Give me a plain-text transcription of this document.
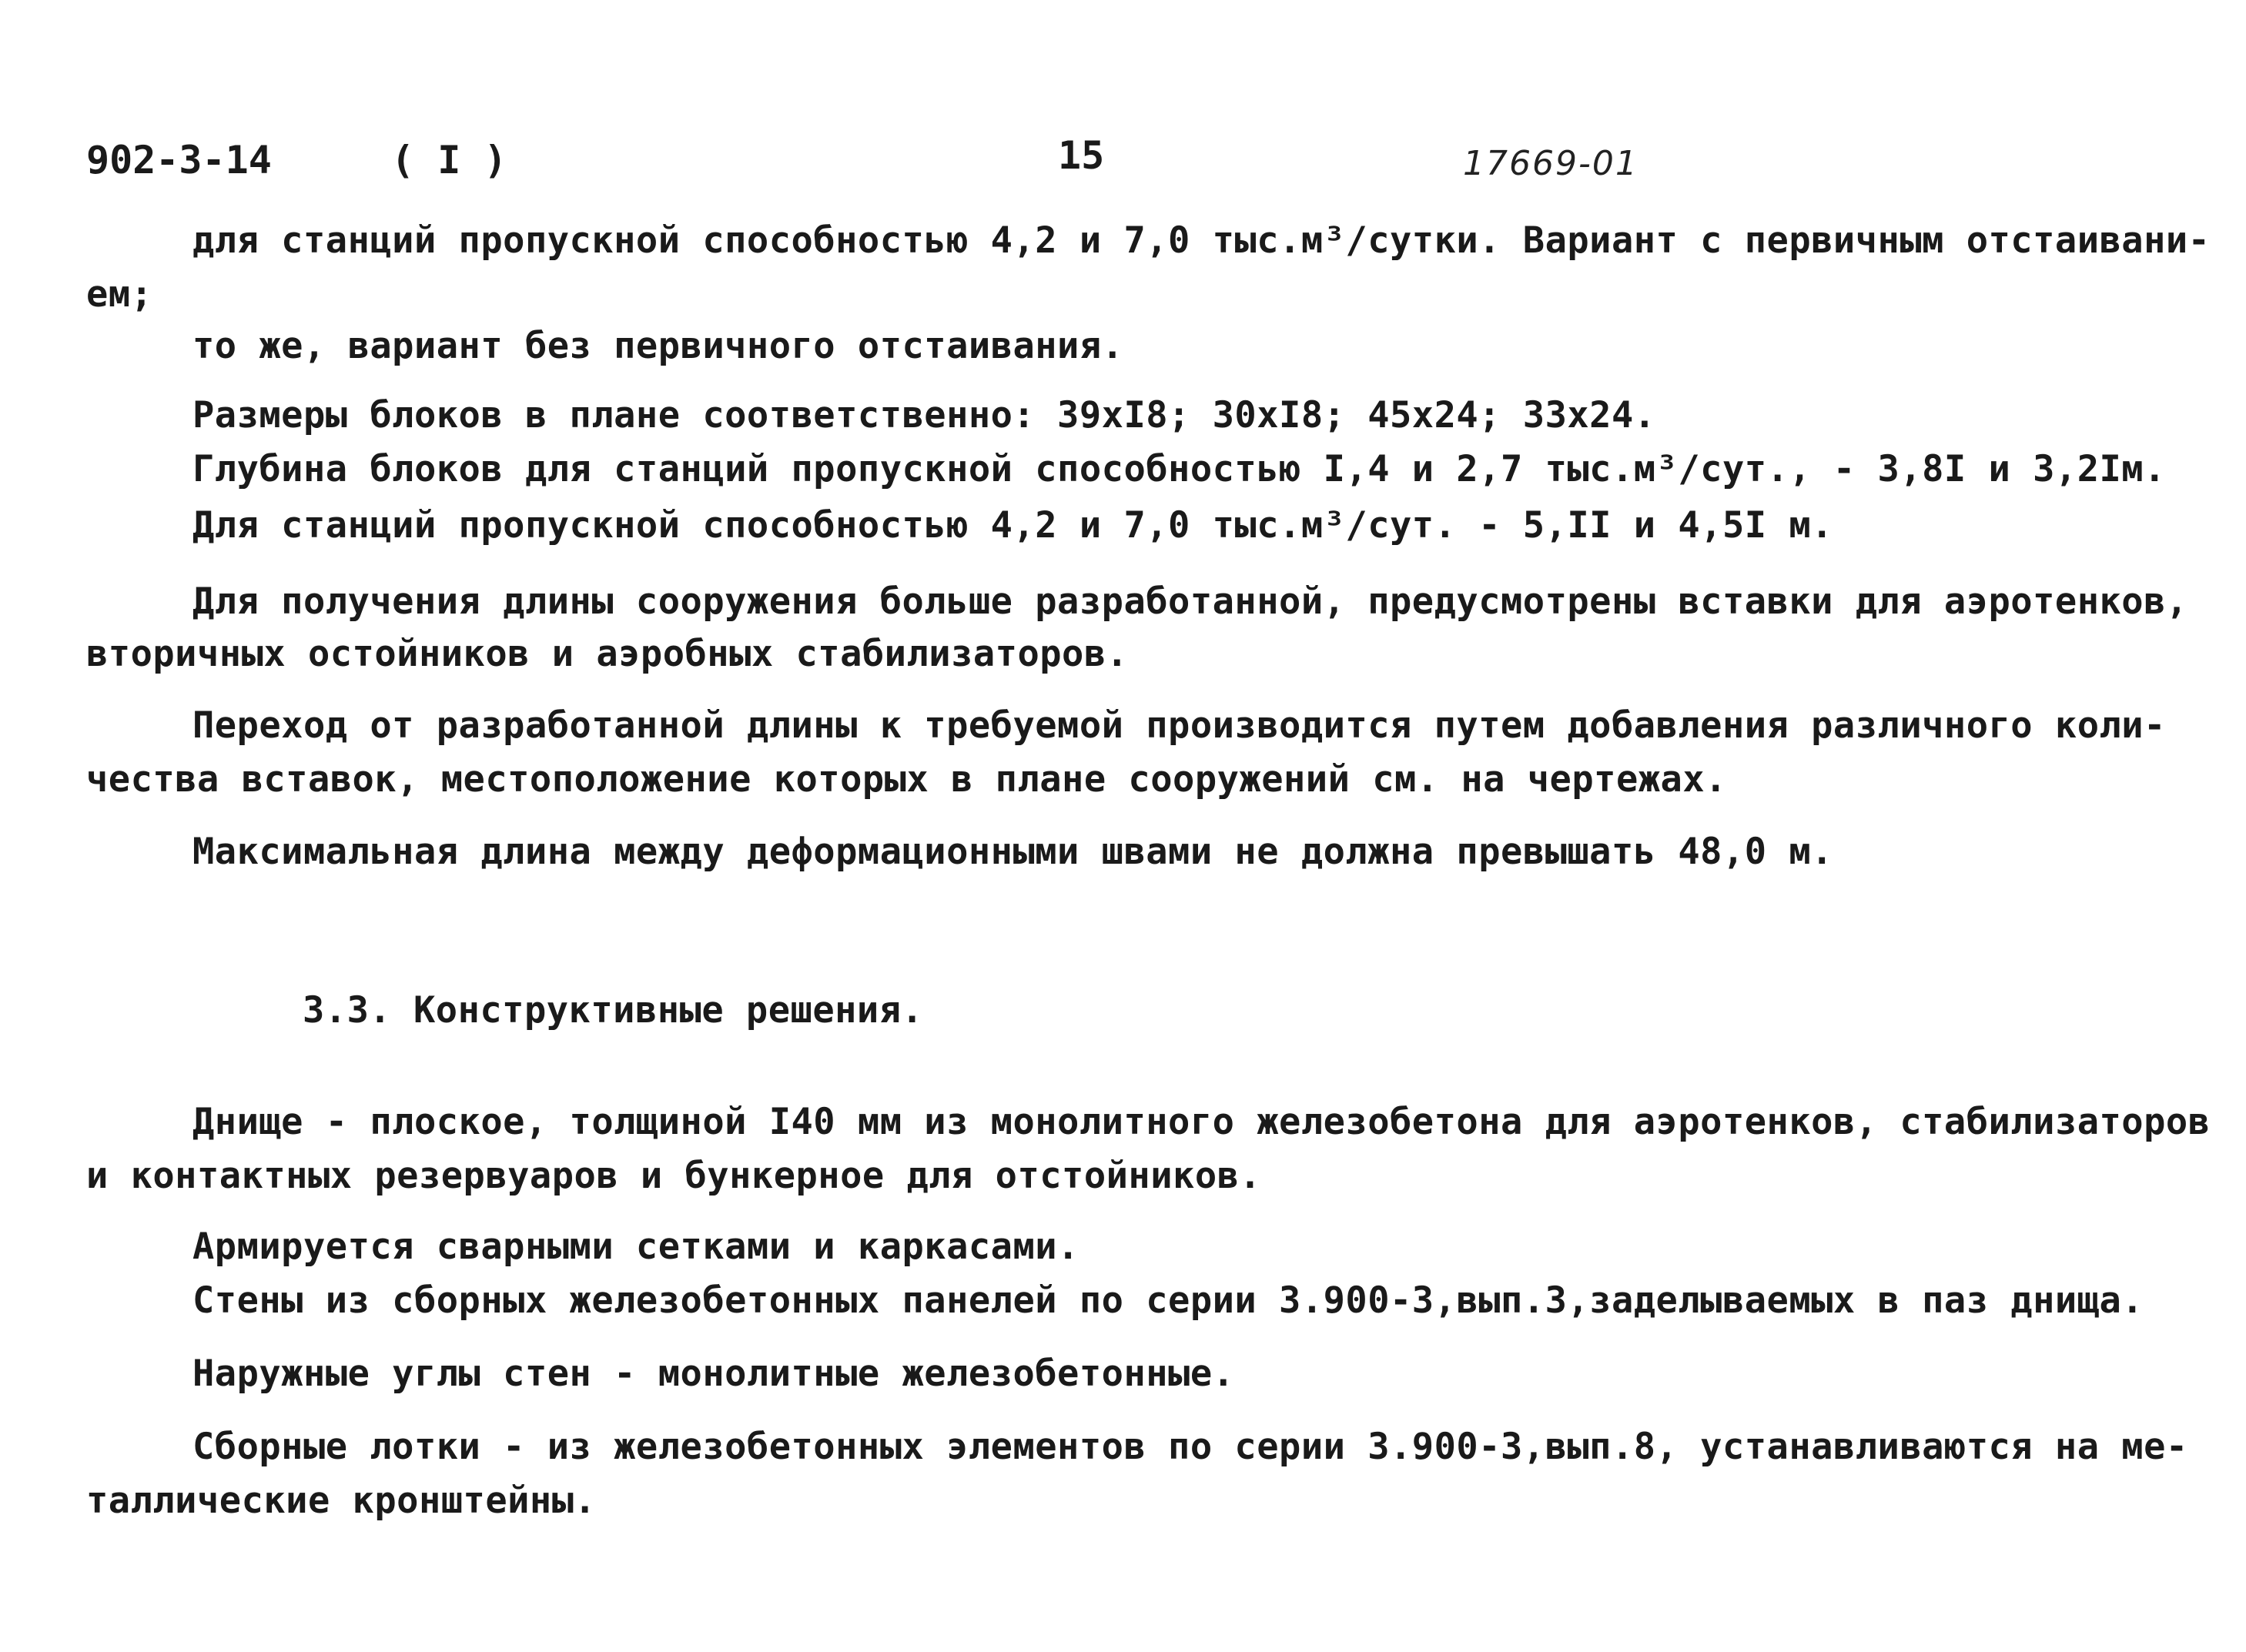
902-3-14	( I )	15	17669-01
для станций пропускной способностью 4,2 и 7,0 тыс.м³/сутки. Вариант с первичным отстаивани-
ем;
то же, вариант без первичного отстаивания.
Размеры блоков в плане соответственно: 39xI8; 30xI8; 45x24; 33x24.
Глубина блоков для станций пропускной способностью I,4 и 2,7 тыс.м³/сут., - 3,8I и 3,2Iм.
Для станций пропускной способностью 4,2 и 7,0 тыс.м³/сут. - 5,II и 4,5I м.
Для получения длины сооружения больше разработанной, предусмотрены вставки для аэротенков,
вторичных остойников и аэробных стабилизаторов.
Переход от разработанной длины к требуемой производится путем добавления различного коли-
чества вставок, местоположение которых в плане сооружений см. на чертежах.
Максимальная длина между деформационными швами не должна превышать 48,0 м.
3.3. Конструктивные решения.
Днище - плоское, толщиной I40 мм из монолитного железобетона для аэротенков, стабилизаторов
и контактных резервуаров и бункерное для отстойников.
Армируется сварными сетками и каркасами.
Стены из сборных железобетонных панелей по серии 3.900-3,вып.3,заделываемых в паз днища.
Наружные углы стен - монолитные железобетонные.
Сборные лотки - из железобетонных элементов по серии 3.900-3,вып.8, устанавливаются на ме-
таллические кронштейны.
